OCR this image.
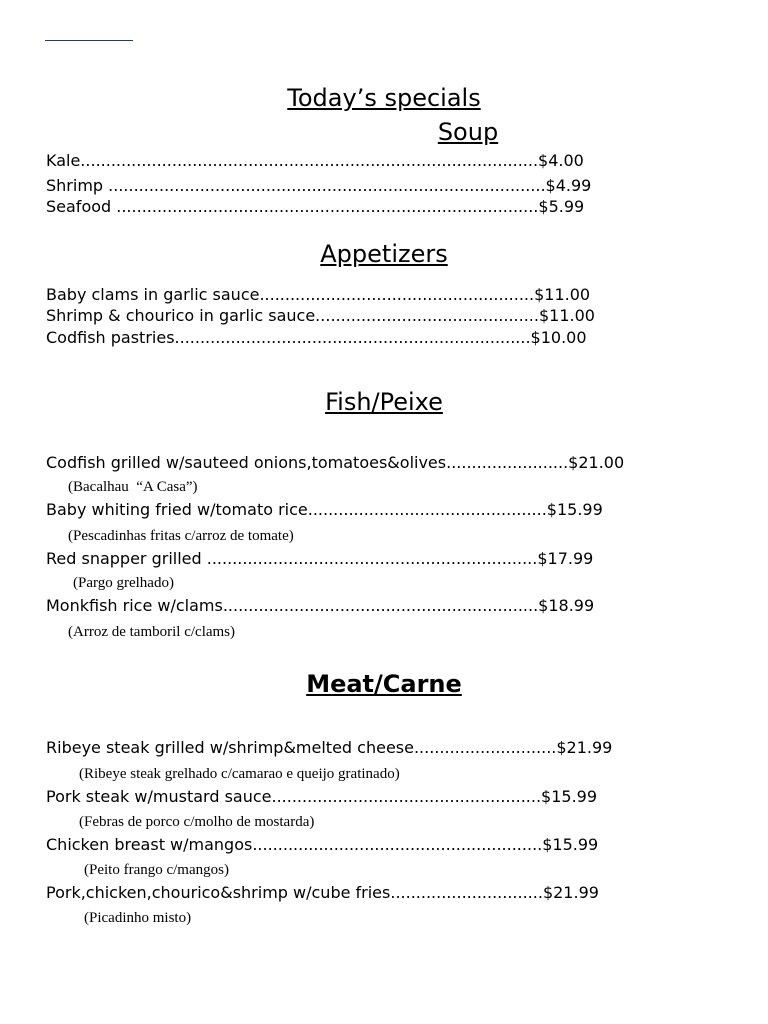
Today’s specials
Soup
Kale..........................................................................................$4.00
Shrimp ......................................................................................$4.99
Seafood ...................................................................................$5.99
Appetizers
Baby clams in garlic sauce......................................................$11.00
Shrimp & chourico in garlic sauce............................................$11.00
Codfish pastries......................................................................$10.00
Fish/Peixe
Codfish grilled w/sauteed onions,tomatoes&olives........................$21.00
(Bacalhau  “A Casa”)
Baby whiting fried w/tomato rice...............................................$15.99
(Pescadinhas fritas c/arroz de tomate)
Red snapper grilled .................................................................$17.99
(Pargo grelhado)
Monkfish rice w/clams..............................................................$18.99
(Arroz de tamboril c/clams)
Meat/Carne
Ribeye steak grilled w/shrimp&melted cheese............................$21.99
(Ribeye steak grelhado c/camarao e queijo gratinado)
Pork steak w/mustard sauce.....................................................$15.99
(Febras de porco c/molho de mostarda)
Chicken breast w/mangos.........................................................$15.99
(Peito frango c/mangos)
Pork,chicken,chourico&shrimp w/cube fries..............................$21.99
(Picadinho misto)
